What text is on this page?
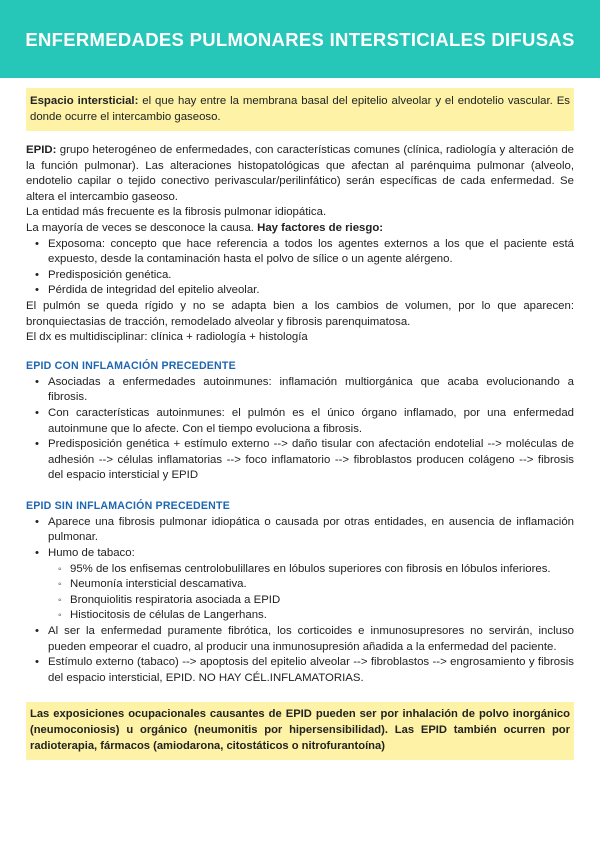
ENFERMEDADES PULMONARES INTERSTICIALES DIFUSAS
Espacio intersticial: el que hay entre la membrana basal del epitelio alveolar y el endotelio vascular. Es donde ocurre el intercambio gaseoso.

EPID: grupo heterogéneo de enfermedades, con características comunes (clínica, radiología y alteración de la función pulmonar). Las alteraciones histopatológicas que afectan al parénquima pulmonar (alveolo, endotelio capilar o tejido conectivo perivascular/perilinfático) serán específicas de cada enfermedad. Se altera el intercambio gaseoso.

La entidad más frecuente es la fibrosis pulmonar idiopática.

La mayoría de veces se desconoce la causa. Hay factores de riesgo:

• Exposoma: concepto que hace referencia a todos los agentes externos a los que el paciente está expuesto, desde la contaminación hasta el polvo de sílice o un agente alérgeno.
• Predisposición genética.
• Pérdida de integridad del epitelio alveolar.

El pulmón se queda rígido y no se adapta bien a los cambios de volumen, por lo que aparecen: bronquiectasias de tracción, remodelado alveolar y fibrosis parenquimatosa.

El dx es multidisciplinar: clínica + radiología + histología

EPID CON INFLAMACIÓN PRECEDENTE
• Asociadas a enfermedades autoinmunes: inflamación multiorgánica que acaba evolucionando a fibrosis.
• Con características autoinmunes: el pulmón es el único órgano inflamado, por una enfermedad autoinmune que lo afecte. Con el tiempo evoluciona a fibrosis.
• Predisposición genética + estímulo externo --> daño tisular con afectación endotelial --> moléculas de adhesión --> células inflamatorias --> foco inflamatorio --> fibroblastos producen colágeno --> fibrosis del espacio intersticial y EPID
EPID SIN INFLAMACIÓN PRECEDENTE
• Aparece una fibrosis pulmonar idiopática o causada por otras entidades, en ausencia de inflamación pulmonar.
• Humo de tabaco:
◦ 95% de los enfisemas centrolobulillares en lóbulos superiores con fibrosis en lóbulos inferiores.
◦ Neumonía intersticial descamativa.
◦ Bronquiolitis respiratoria asociada a EPID
◦ Histiocitosis de células de Langerhans.
• Al ser la enfermedad puramente fibrótica, los corticoides e inmunosupresores no servirán, incluso pueden empeorar el cuadro, al producir una inmunosupresión añadida a la enfermedad del paciente.
• Estímulo externo (tabaco) --> apoptosis del epitelio alveolar --> fibroblastos --> engrosamiento y fibrosis del espacio intersticial, EPID. NO HAY CÉL.INFLAMATORIAS.
Las exposiciones ocupacionales causantes de EPID pueden ser por inhalación de polvo inorgánico (neumoconiosis) u orgánico (neumonitis por hipersensibilidad). Las EPID también ocurren por radioterapia, fármacos (amiodarona, citostáticos o nitrofurantoína)
